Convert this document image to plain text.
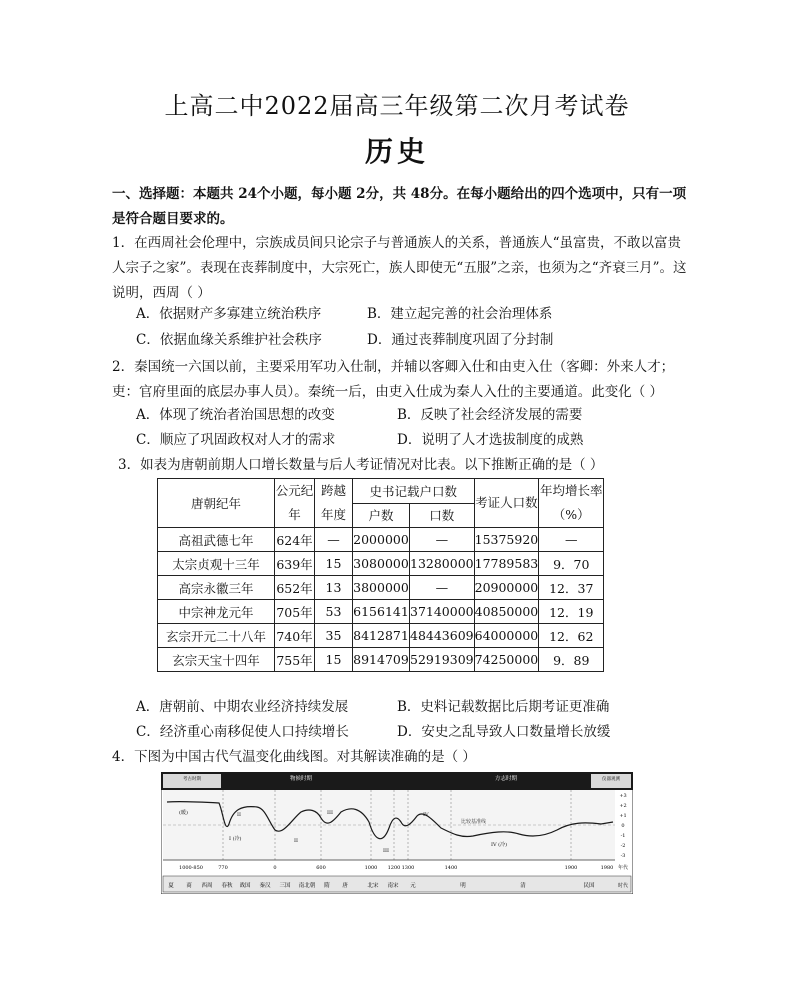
上高二中2022届高三年级第二次月考试卷
历史
一、选择题：本题共 24个小题，每小题 2分，共 48分。在每小题给出的四个选项中，只有一项是符合题目要求的。
1．在西周社会伦理中，宗族成员间只论宗子与普通族人的关系，普通族人“虽富贵，不敢以富贵人宗子之家”。表现在丧葬制度中，大宗死亡，族人即使无“五服”之亲，也须为之“齐衰三月”。这说明，西周（ ）
A．依据财产多寡建立统治秩序	B．建立起完善的社会治理体系
C．依据血缘关系维护社会秩序	D．通过丧葬制度巩固了分封制
2．秦国统一六国以前，主要采用军功入仕制，并辅以客卿入仕和由吏入仕（客卿：外来人才；吏：官府里面的底层办事人员）。秦统一后，由吏入仕成为秦人入仕的主要通道。此变化（ ）
A．体现了统治者治国思想的改变	B．反映了社会经济发展的需要
C．顺应了巩固政权对人才的需求	D．说明了人才选拔制度的成熟
3．如表为唐朝前期人口增长数量与后人考证情况对比表。以下推断正确的是（ ）
唐朝纪年	公元纪年	跨越年度	史书记载户口数		考证人口数	年均增长率（%）
			户数	口数		
高祖武德七年	624年	—	2000000	—	15375920	—
太宗贞观十三年	639年	15	3080000	13280000	17789583	9．70
高宗永徽三年	652年	13	3800000	—	20900000	12．37
中宗神龙元年	705年	53	6156141	37140000	40850000	12．19
玄宗开元二十八年	740年	35	8412871	48443609	64000000	12．62
玄宗天宝十四年	755年	15	8914709	52919309	74250000	9．89
A．唐朝前、中期农业经济持续发展	B．史料记载数据比后期考证更准确
C．经济重心南移促使人口持续增长	D．安史之乱导致人口数量增长放缓
4．下图为中国古代气温变化曲线图。对其解读准确的是（ ）
考古时期	物候时期	方志时期	仪器观测
比较基准线
(暖)	II
I (冷)
III
II
IV
III
IV (冷)
+3
+2
+1
0
-1
-2
-3
1000-850	770	0	600	1000 1200 1300	1400	1900	1980
夏 商 西周 春秋 战国 秦汉 三国 南北朝 隋 唐	北宋 南宋 元	明	清	民国	时代
年代
